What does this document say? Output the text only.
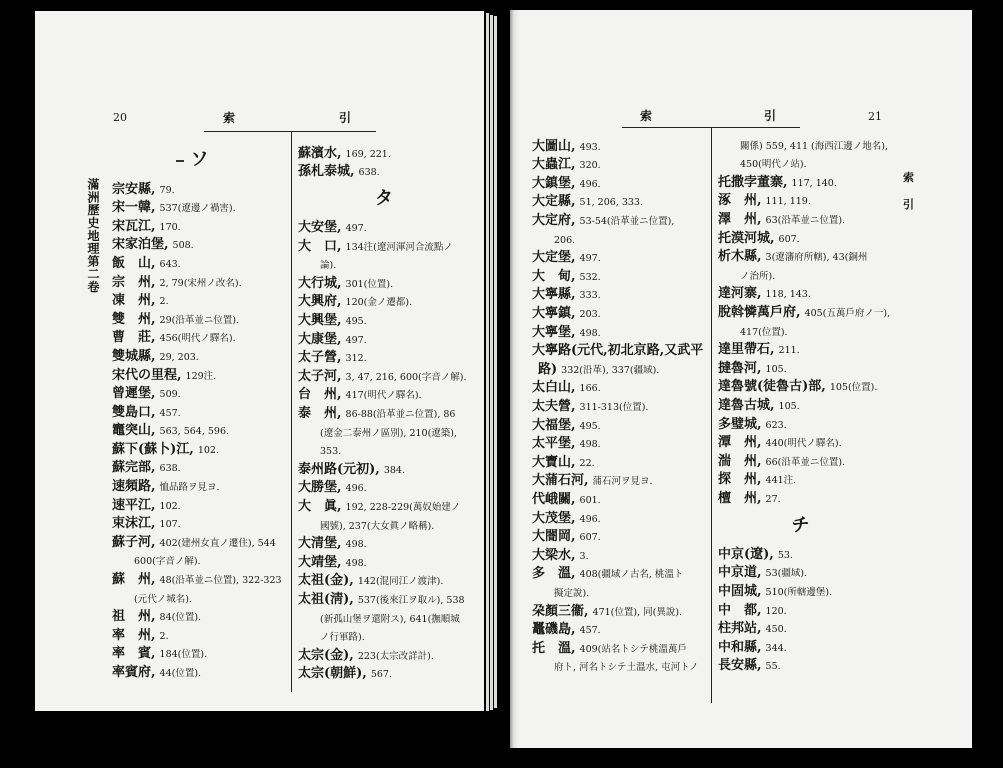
20	索	引
滿洲歷史地理第二卷
ソ
宗安縣, 79.
宋一韓, 537(遼邊ノ禍害).
宋瓦江, 170.
宋家泊堡, 508.
飯　山, 643.
宗　州, 2, 79(宋州ノ改名).
凍　州, 2.
雙　州, 29(沿革並ニ位置).
曹　莊, 456(明代ノ驛名).
雙城縣, 29, 203.
宋代の里程, 129注.
曾遲堡, 509.
雙島口, 457.
竈突山, 563, 564, 596.
蘇下(蘇卜)江, 102.
蘇完部, 638.
速頻路, 恤品路ヲ見ヨ.
速平江, 102.
束沫江, 107.
蘇子河, 402(建州女直ノ遷住), 544
600(字音ノ解).
蘇　州, 48(沿革並ニ位置), 322-323
(元代ノ城名).
祖　州, 84(位置).
率　州, 2.
率　賓, 184(位置).
率賓府, 44(位置).
蘇濱水, 169, 221.
孫札泰城, 638.
タ
大安堡, 497.
大　口, 134注(遼河渾河合流點ノ
論).
大行城, 301(位置).
大興府, 120(金ノ遷都).
大興堡, 495.
大康堡, 497.
太子營, 312.
太子河, 3, 47, 216, 600(字音ノ解).
台　州, 417(明代ノ驛名).
泰　州, 86-88(沿革並ニ位置), 86
(遼金二泰州ノ區別), 210(遼築),
353.
泰州路(元初), 384.
大勝堡, 496.
大　眞, 192, 228-229(萬奴始建ノ
國號), 237(大女眞ノ略稱).
大清堡, 498.
大靖堡, 498.
太祖(金), 142(混同江ノ渡津).
太祖(淸), 537(後來江ヲ取ル), 538
(新孤山堡ヲ還附ス), 641(撫順城
ノ行軍路).
太宗(金), 223(太宗改詳計).
太宗(朝鮮), 567.
索	引	21
索
引
大圖山, 493.
大蟲江, 320.
大鎮堡, 496.
大定縣, 51, 206, 333.
大定府, 53-54(沿革並ニ位置),
206.
大定堡, 497.
大　甸, 532.
大寧縣, 333.
大寧鎮, 203.
大寧堡, 498.
大寧路(元代,初北京路,又武平
路) 332(沿革), 337(疆域).
太白山, 166.
太夫營, 311-313(位置).
大福堡, 495.
太平堡, 498.
大寶山, 22.
大蒲石河, 蒲石河ヲ見ヨ.
代峨關, 601.
大茂堡, 496.
大闇岡, 607.
大梁水, 3.
多　溫, 408(疆域ノ古名, 桃溫ト
擬定說).
朶顏三衞, 471(位置), 同(異說).
鼉磯島, 457.
托　溫, 409(站名トシテ桃溫萬戶
府ト, 河名トシテ土溫水, 屯河トノ
關係) 559, 411 (海西江邊ノ地名),
450(明代ノ站).
托撒孛董寨, 117, 140.
涿　州, 111, 119.
澤　州, 63(沿革並ニ位置).
托漠河城, 607.
析木縣, 3(遼瀋府所轄), 43(銅州
ノ治所).
達河寨, 118, 143.
脫斡憐萬戶府, 405(五萬戶府ノ一),
417(位置).
達里帶石, 211.
撻魯河, 105.
達魯號(徒魯古)部, 105(位置).
達魯古城, 105.
多璧城, 623.
潭　州, 440(明代ノ驛名).
湍　州, 66(沿革並ニ位置).
探　州, 441注.
檀　州, 27.
チ
中京(遼), 53.
中京道, 53(疆域).
中固城, 510(所轄邊堡).
中　都, 120.
柱邦站, 450.
中和縣, 344.
長安縣, 55.
